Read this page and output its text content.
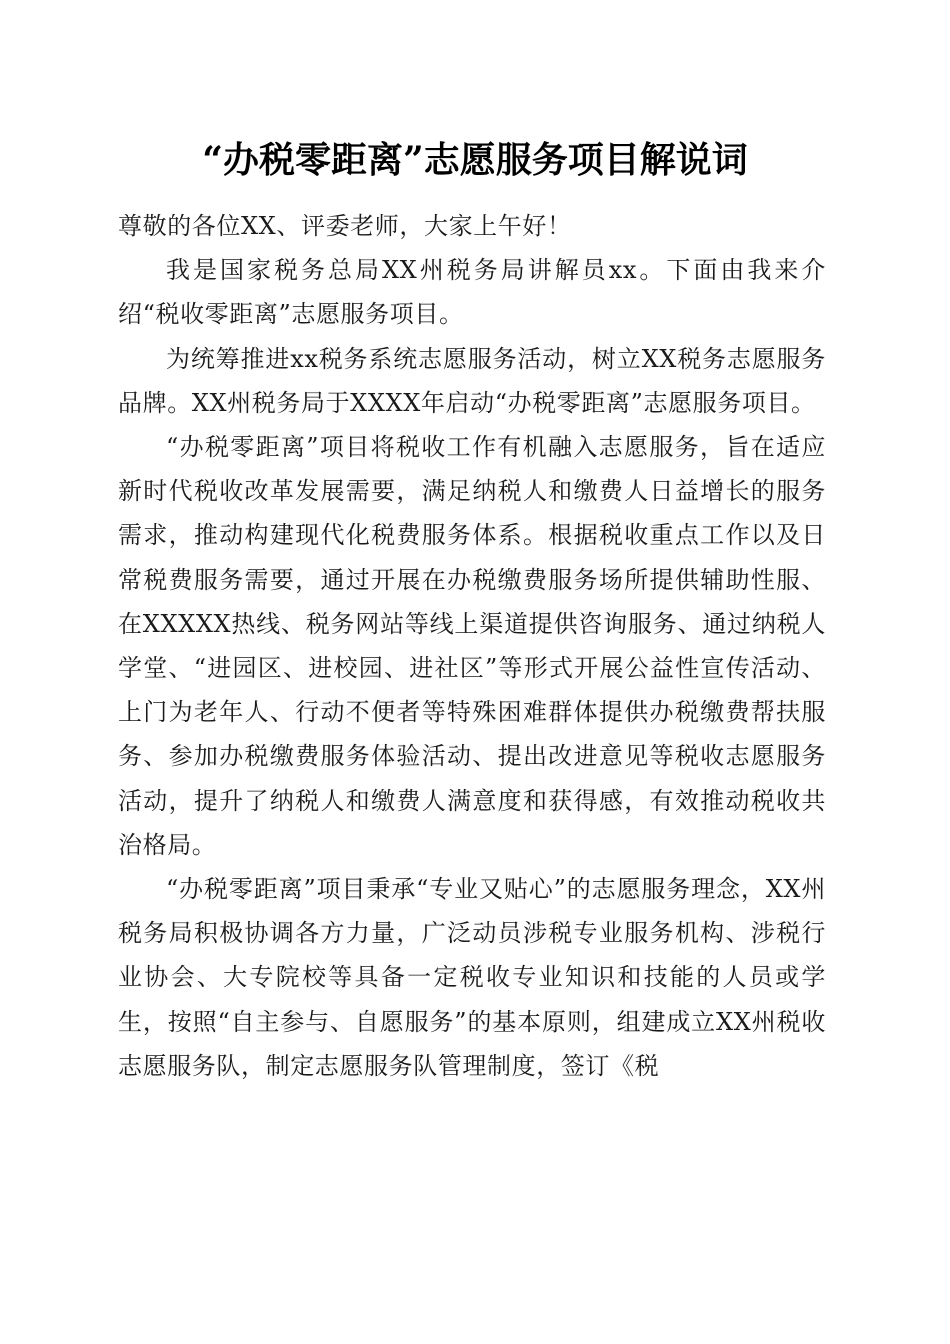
“办税零距离”志愿服务项目解说词

尊敬的各位XX、评委老师，大家上午好！

我是国家税务总局XX州税务局讲解员xx。下面由我来介绍“税收零距离”志愿服务项目。

为统筹推进xx税务系统志愿服务活动，树立XX税务志愿服务品牌。XX州税务局于XXXX年启动“办税零距离”志愿服务项目。

“办税零距离”项目将税收工作有机融入志愿服务，旨在适应新时代税收改革发展需要，满足纳税人和缴费人日益增长的服务需求，推动构建现代化税费服务体系。根据税收重点工作以及日常税费服务需要，通过开展在办税缴费服务场所提供辅助性服、在XXXXX热线、税务网站等线上渠道提供咨询服务、通过纳税人学堂、“进园区、进校园、进社区”等形式开展公益性宣传活动、上门为老年人、行动不便者等特殊困难群体提供办税缴费帮扶服务、参加办税缴费服务体验活动、提出改进意见等税收志愿服务活动，提升了纳税人和缴费人满意度和获得感，有效推动税收共治格局。

“办税零距离”项目秉承“专业又贴心”的志愿服务理念，XX州税务局积极协调各方力量，广泛动员涉税专业服务机构、涉税行业协会、大专院校等具备一定税收专业知识和技能的人员或学生，按照“自主参与、自愿服务”的基本原则，组建成立XX州税收志愿服务队，制定志愿服务队管理制度，签订《税
